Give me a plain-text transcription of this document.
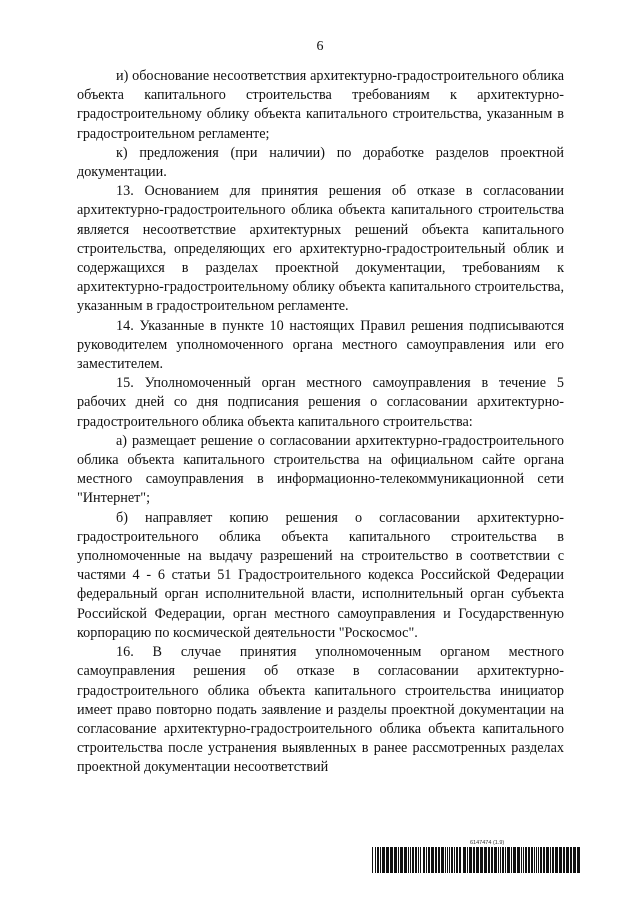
6

и) обоснование несоответствия архитектурно-градостроительного облика объекта капитального строительства требованиям к архитектурно-градостроительному облику объекта капитального строительства, указанным в градостроительном регламенте;

к) предложения (при наличии) по доработке разделов проектной документации.

13. Основанием для принятия решения об отказе в согласовании архитектурно-градостроительного облика объекта капитального строительства является несоответствие архитектурных решений объекта капитального строительства, определяющих его архитектурно-градостроительный облик и содержащихся в разделах проектной документации, требованиям к архитектурно-градостроительному облику объекта капитального строительства, указанным в градостроительном регламенте.

14. Указанные в пункте 10 настоящих Правил решения подписываются руководителем уполномоченного органа местного самоуправления или его заместителем.

15. Уполномоченный орган местного самоуправления в течение 5 рабочих дней со дня подписания решения о согласовании архитектурно-градостроительного облика объекта капитального строительства:

а) размещает решение о согласовании архитектурно-градостроительного облика объекта капитального строительства на официальном сайте органа местного самоуправления в информационно-телекоммуникационной сети "Интернет";

б) направляет копию решения о согласовании архитектурно-градостроительного облика объекта капитального строительства в уполномоченные на выдачу разрешений на строительство в соответствии с частями 4 - 6 статьи 51 Градостроительного кодекса Российской Федерации федеральный орган исполнительной власти, исполнительный орган субъекта Российской Федерации, орган местного самоуправления и Государственную корпорацию по космической деятельности "Роскосмос".

16. В случае принятия уполномоченным органом местного самоуправления решения об отказе в согласовании архитектурно-градостроительного облика объекта капитального строительства инициатор имеет право повторно подать заявление и разделы проектной документации на согласование архитектурно-градостроительного облика объекта капитального строительства после устранения выявленных в ранее рассмотренных разделах проектной документации несоответствий

6147474 (1.9)
